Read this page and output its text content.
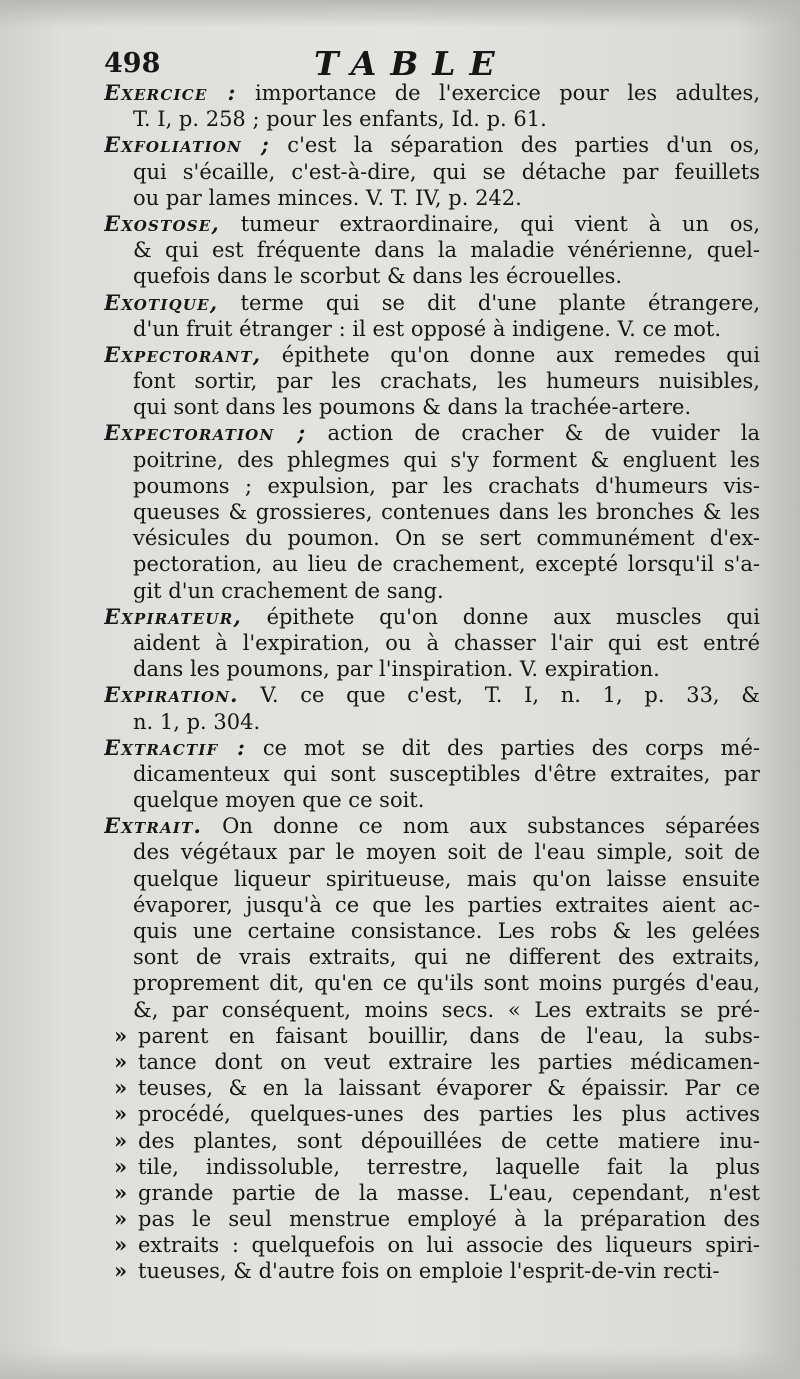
498	TABLE
Exercice : importance de l'exercice pour les adultes,
T. I, p. 258 ; pour les enfants, Id. p. 61.
Exfoliation ; c'est la séparation des parties d'un os,
qui s'écaille, c'est-à-dire, qui se détache par feuillets
ou par lames minces. V. T. IV, p. 242.
Exostose, tumeur extraordinaire, qui vient à un os,
& qui est fréquente dans la maladie vénérienne, quel-
quefois dans le scorbut & dans les écrouelles.
Exotique, terme qui se dit d'une plante étrangere,
d'un fruit étranger : il est opposé à indigene. V. ce mot.
Expectorant, épithete qu'on donne aux remedes qui
font sortir, par les crachats, les humeurs nuisibles,
qui sont dans les poumons & dans la trachée-artere.
Expectoration ; action de cracher & de vuider la
poitrine, des phlegmes qui s'y forment & engluent les
poumons ; expulsion, par les crachats d'humeurs vis-
queuses & grossieres, contenues dans les bronches & les
vésicules du poumon. On se sert communément d'ex-
pectoration, au lieu de crachement, excepté lorsqu'il s'a-
git d'un crachement de sang.
Expirateur, épithete qu'on donne aux muscles qui
aident à l'expiration, ou à chasser l'air qui est entré
dans les poumons, par l'inspiration. V. expiration.
Expiration. V. ce que c'est, T. I, n. 1, p. 33, &
n. 1, p. 304.
Extractif : ce mot se dit des parties des corps mé-
dicamenteux qui sont susceptibles d'être extraites, par
quelque moyen que ce soit.
Extrait. On donne ce nom aux substances séparées
des végétaux par le moyen soit de l'eau simple, soit de
quelque liqueur spiritueuse, mais qu'on laisse ensuite
évaporer, jusqu'à ce que les parties extraites aient ac-
quis une certaine consistance. Les robs & les gelées
sont de vrais extraits, qui ne different des extraits,
proprement dit, qu'en ce qu'ils sont moins purgés d'eau,
&, par conséquent, moins secs. « Les extraits se pré-
» parent en faisant bouillir, dans de l'eau, la subs-
» tance dont on veut extraire les parties médicamen-
» teuses, & en la laissant évaporer & épaissir. Par ce
» procédé, quelques-unes des parties les plus actives
» des plantes, sont dépouillées de cette matiere inu-
» tile, indissoluble, terrestre, laquelle fait la plus
» grande partie de la masse. L'eau, cependant, n'est
» pas le seul menstrue employé à la préparation des
» extraits : quelquefois on lui associe des liqueurs spiri-
» tueuses, & d'autre fois on emploie l'esprit-de-vin recti-
